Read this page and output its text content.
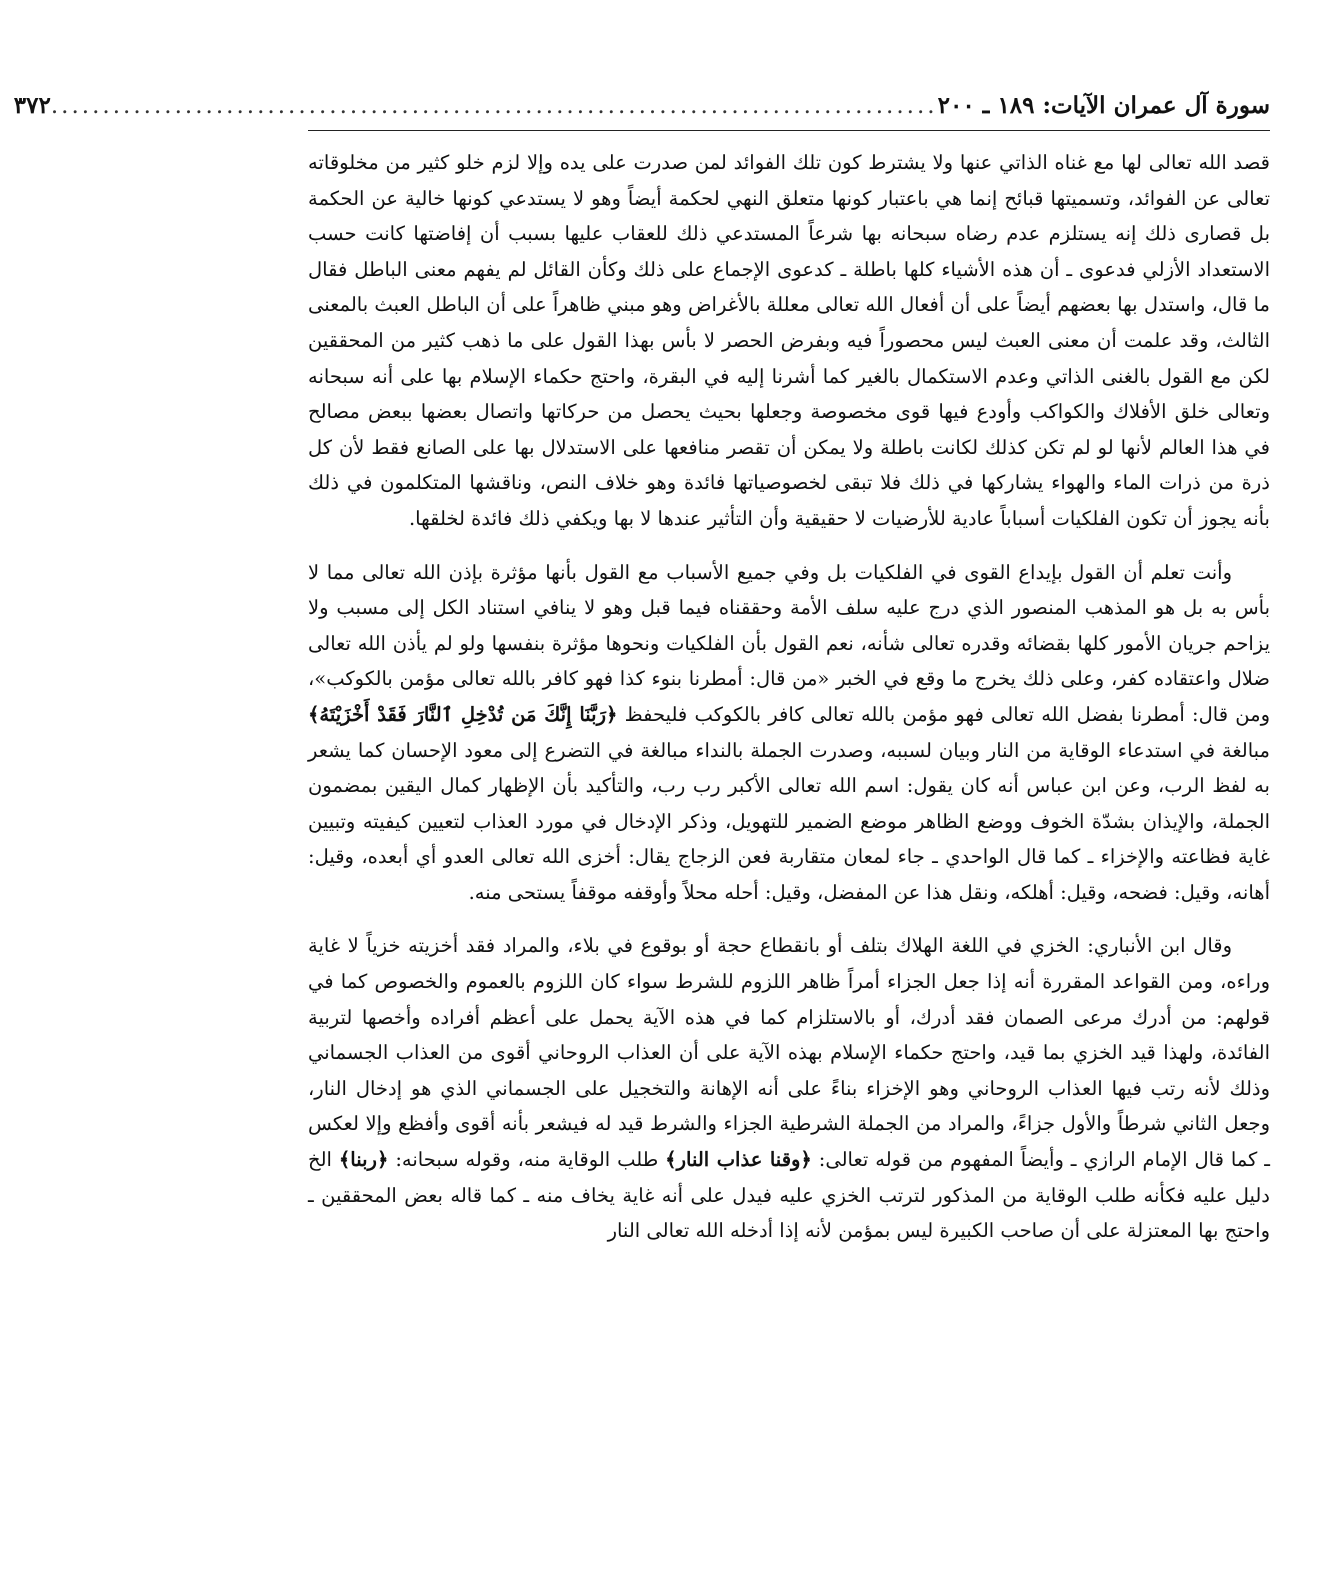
سورة آل عمران الآيات: ١٨٩ ـ ٢٠٠
......................................................................................
٣٧٢

قصد الله تعالى لها مع غناه الذاتي عنها ولا يشترط كون تلك الفوائد لمن صدرت على يده وإلا لزم خلو كثير من مخلوقاته تعالى عن الفوائد، وتسميتها قبائح إنما هي باعتبار كونها متعلق النهي لحكمة أيضاً وهو لا يستدعي كونها خالية عن الحكمة بل قصارى ذلك إنه يستلزم عدم رضاه سبحانه بها شرعاً المستدعي ذلك للعقاب عليها بسبب أن إفاضتها كانت حسب الاستعداد الأزلي فدعوى ـ أن هذه الأشياء كلها باطلة ـ كدعوى الإجماع على ذلك وكأن القائل لم يفهم معنى الباطل فقال ما قال، واستدل بها بعضهم أيضاً على أن أفعال الله تعالى معللة بالأغراض وهو مبني ظاهراً على أن الباطل العبث بالمعنى الثالث، وقد علمت أن معنى العبث ليس محصوراً فيه وبفرض الحصر لا بأس بهذا القول على ما ذهب كثير من المحققين لكن مع القول بالغنى الذاتي وعدم الاستكمال بالغير كما أشرنا إليه في البقرة، واحتج حكماء الإسلام بها على أنه سبحانه وتعالى خلق الأفلاك والكواكب وأودع فيها قوى مخصوصة وجعلها بحيث يحصل من حركاتها واتصال بعضها ببعض مصالح في هذا العالم لأنها لو لم تكن كذلك لكانت باطلة ولا يمكن أن تقصر منافعها على الاستدلال بها على الصانع فقط لأن كل ذرة من ذرات الماء والهواء يشاركها في ذلك فلا تبقى لخصوصياتها فائدة وهو خلاف النص، وناقشها المتكلمون في ذلك بأنه يجوز أن تكون الفلكيات أسباباً عادية للأرضيات لا حقيقية وأن التأثير عندها لا بها ويكفي ذلك فائدة لخلقها.

وأنت تعلم أن القول بإيداع القوى في الفلكيات بل وفي جميع الأسباب مع القول بأنها مؤثرة بإذن الله تعالى مما لا بأس به بل هو المذهب المنصور الذي درج عليه سلف الأمة وحققناه فيما قبل وهو لا ينافي استناد الكل إلى مسبب ولا يزاحم جريان الأمور كلها بقضائه وقدره تعالى شأنه، نعم القول بأن الفلكيات ونحوها مؤثرة بنفسها ولو لم يأذن الله تعالى ضلال واعتقاده كفر، وعلى ذلك يخرج ما وقع في الخبر «من قال: أمطرنا بنوء كذا فهو كافر بالله تعالى مؤمن بالكوكب»، ومن قال: أمطرنا بفضل الله تعالى فهو مؤمن بالله تعالى كافر بالكوكب فليحفظ ﴿رَبَّنَا إِنَّكَ مَن تُدْخِلِ ٱلنَّارَ فَقَدْ أَخْزَيْتَهُ﴾ مبالغة في استدعاء الوقاية من النار وبيان لسببه، وصدرت الجملة بالنداء مبالغة في التضرع إلى معود الإحسان كما يشعر به لفظ الرب، وعن ابن عباس أنه كان يقول: اسم الله تعالى الأكبر رب رب، والتأكيد بأن الإظهار كمال اليقين بمضمون الجملة، والإيذان بشدّة الخوف ووضع الظاهر موضع الضمير للتهويل، وذكر الإدخال في مورد العذاب لتعيين كيفيته وتبيين غاية فظاعته والإخزاء ـ كما قال الواحدي ـ جاء لمعان متقاربة فعن الزجاج يقال: أخزى الله تعالى العدو أي أبعده، وقيل: أهانه، وقيل: فضحه، وقيل: أهلكه، ونقل هذا عن المفضل، وقيل: أحله محلاً وأوقفه موقفاً يستحى منه.

وقال ابن الأنباري: الخزي في اللغة الهلاك بتلف أو بانقطاع حجة أو بوقوع في بلاء، والمراد فقد أخزيته خزياً لا غاية وراءه، ومن القواعد المقررة أنه إذا جعل الجزاء أمراً ظاهر اللزوم للشرط سواء كان اللزوم بالعموم والخصوص كما في قولهم: من أدرك مرعى الصمان فقد أدرك، أو بالاستلزام كما في هذه الآية يحمل على أعظم أفراده وأخصها لتربية الفائدة، ولهذا قيد الخزي بما قيد، واحتج حكماء الإسلام بهذه الآية على أن العذاب الروحاني أقوى من العذاب الجسماني وذلك لأنه رتب فيها العذاب الروحاني وهو الإخزاء بناءً على أنه الإهانة والتخجيل على الجسماني الذي هو إدخال النار، وجعل الثاني شرطاً والأول جزاءً، والمراد من الجملة الشرطية الجزاء والشرط قيد له فيشعر بأنه أقوى وأفظع وإلا لعكس ـ كما قال الإمام الرازي ـ وأيضاً المفهوم من قوله تعالى: ﴿وقنا عذاب النار﴾ طلب الوقاية منه، وقوله سبحانه: ﴿ربنا﴾ الخ دليل عليه فكأنه طلب الوقاية من المذكور لترتب الخزي عليه فيدل على أنه غاية يخاف منه ـ كما قاله بعض المحققين ـ واحتج بها المعتزلة على أن صاحب الكبيرة ليس بمؤمن لأنه إذا أدخله الله تعالى النار
